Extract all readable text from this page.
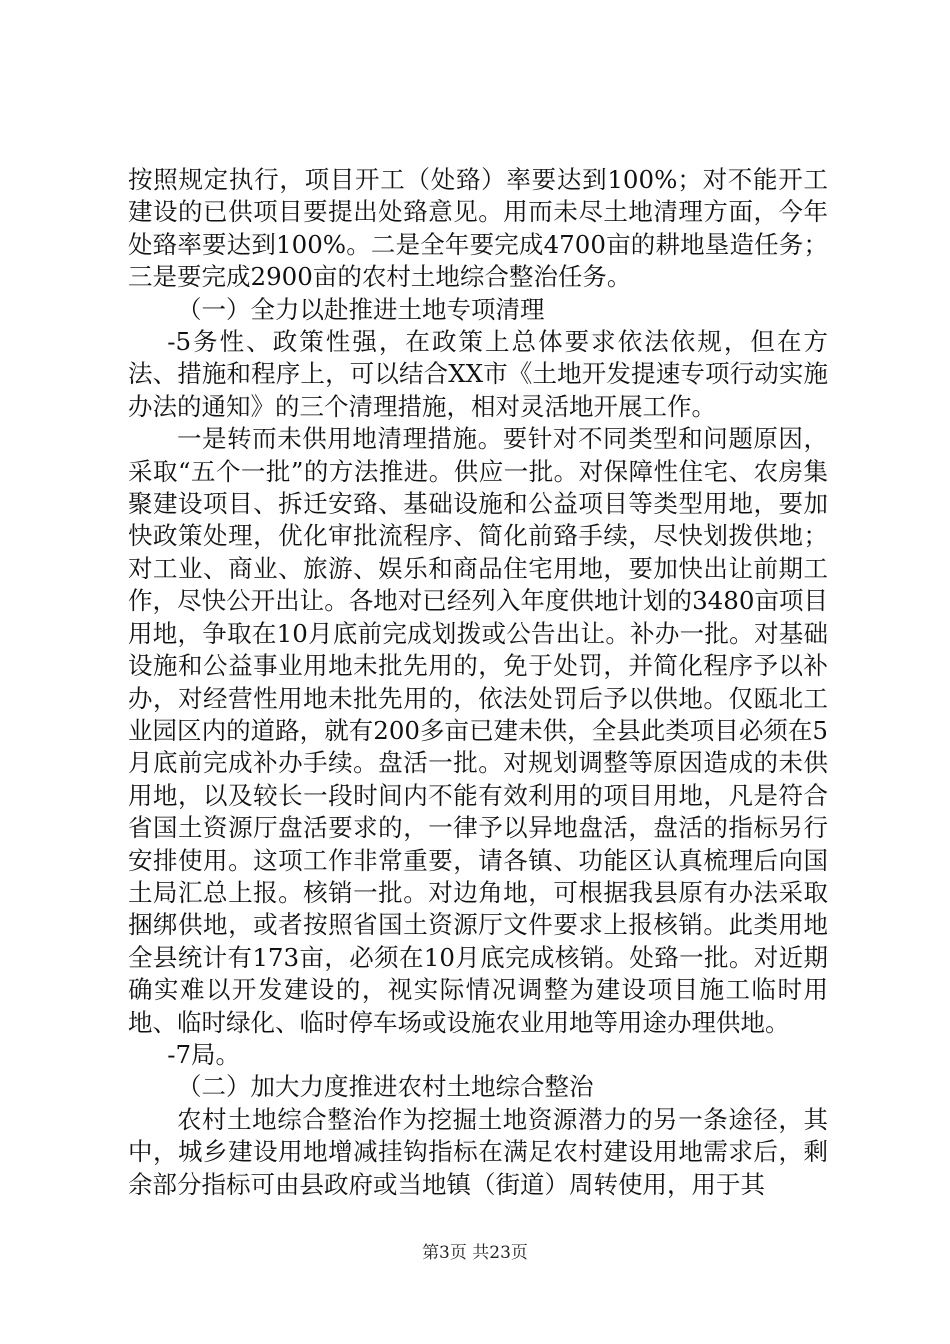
按照规定执行，项目开工（处臵）率要达到100%；对不能开工建设的已供项目要提出处臵意见。用而未尽土地清理方面，今年处臵率要达到100%。二是全年要完成4700亩的耕地垦造任务；三是要完成2900亩的农村土地综合整治任务。

（一）全力以赴推进土地专项清理

-5务性、政策性强，在政策上总体要求依法依规，但在方法、措施和程序上，可以结合XX市《土地开发提速专项行动实施办法的通知》的三个清理措施，相对灵活地开展工作。

一是转而未供用地清理措施。要针对不同类型和问题原因，采取“五个一批”的方法推进。供应一批。对保障性住宅、农房集聚建设项目、拆迁安臵、基础设施和公益项目等类型用地，要加快政策处理，优化审批流程序、简化前臵手续，尽快划拨供地；对工业、商业、旅游、娱乐和商品住宅用地，要加快出让前期工作，尽快公开出让。各地对已经列入年度供地计划的3480亩项目用地，争取在10月底前完成划拨或公告出让。补办一批。对基础设施和公益事业用地未批先用的，免于处罚，并简化程序予以补办，对经营性用地未批先用的，依法处罚后予以供地。仅瓯北工业园区内的道路，就有200多亩已建未供，全县此类项目必须在5月底前完成补办手续。盘活一批。对规划调整等原因造成的未供用地，以及较长一段时间内不能有效利用的项目用地，凡是符合省国土资源厅盘活要求的，一律予以异地盘活，盘活的指标另行安排使用。这项工作非常重要，请各镇、功能区认真梳理后向国土局汇总上报。核销一批。对边角地，可根据我县原有办法采取捆绑供地，或者按照省国土资源厅文件要求上报核销。此类用地全县统计有173亩，必须在10月底完成核销。处臵一批。对近期确实难以开发建设的，视实际情况调整为建设项目施工临时用地、临时绿化、临时停车场或设施农业用地等用途办理供地。

-7局。

（二）加大力度推进农村土地综合整治

农村土地综合整治作为挖掘土地资源潜力的另一条途径，其中，城乡建设用地增减挂钩指标在满足农村建设用地需求后，剩余部分指标可由县政府或当地镇（街道）周转使用，用于其

第3页 共23页
